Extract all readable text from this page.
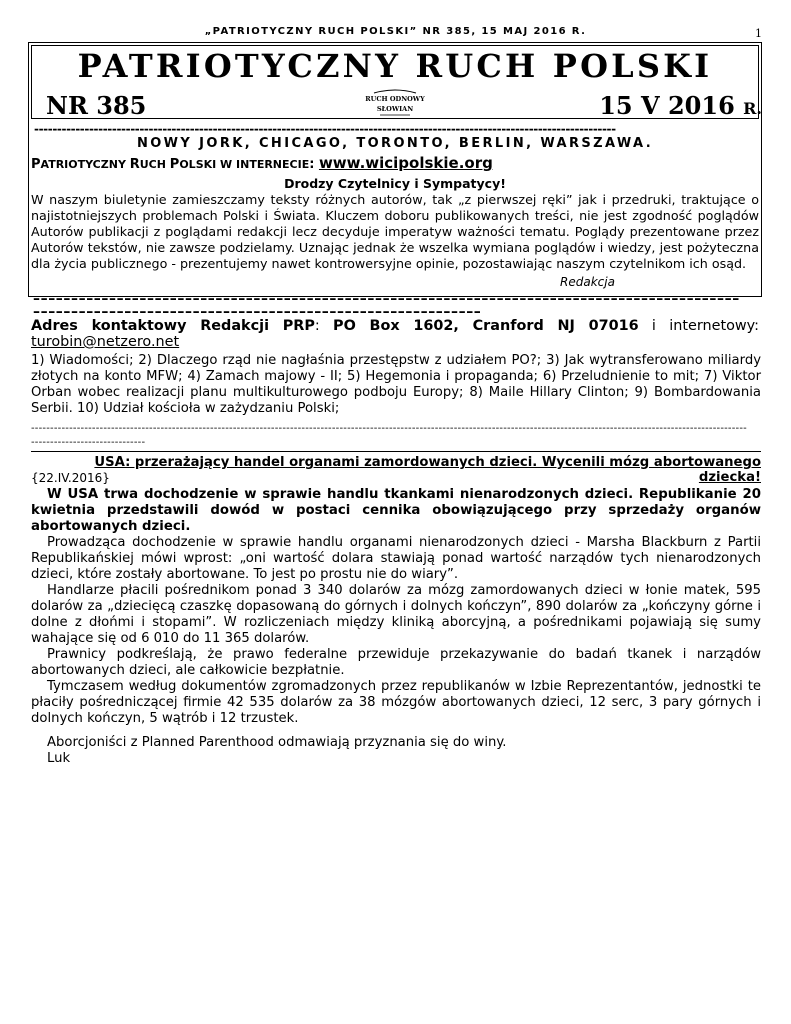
„PATRIOTYCZNY RUCH POLSKI” NR 385, 15 MAJ 2016 R.	1
PATRIOTYCZNY RUCH POLSKI
NR 385	RUCH ODNOWY
SŁOWIAN	15 V 2016 R.
-------------------------------------------------------------------------------------------------------------------------------
NOWY JORK, CHICAGO, TORONTO, BERLIN, WARSZAWA.
PATRIOTYCZNY RUCH POLSKI W INTERNECIE: www.wicipolskie.org
Drodzy Czytelnicy i Sympatycy!
W naszym biuletynie zamieszczamy teksty różnych autorów, tak „z pierwszej ręki” jak i przedruki, traktujące o najistotniejszych problemach Polski i Świata. Kluczem doboru publikowanych treści, nie jest zgodność poglądów Autorów publikacji z poglądami redakcji lecz decyduje imperatyw ważności tematu. Poglądy prezentowane przez Autorów tekstów, nie zawsze podzielamy. Uznając jednak że wszelka wymiana poglądów i wiedzy, jest pożyteczna dla życia publicznego - prezentujemy nawet kontrowersyjne opinie, pozostawiając naszym czytelnikom ich osąd.
Redakcja
–––––––––––––––––––––––––––––––––––––––––––––––––––––––––––––––––––––––––––––––––––––––––––––
–––––––––––––––––––––––––––––––––––––––––––––––––––––––––––
Adres kontaktowy Redakcji PRP: PO Box 1602, Cranford NJ 07016 i internetowy: turobin@netzero.net
1) Wiadomości; 2) Dlaczego rząd nie nagłaśnia przestępstw z udziałem PO?; 3) Jak wytransferowano miliardy złotych na konto MFW; 4) Zamach majowy - II; 5) Hegemonia i propaganda; 6) Przeludnienie to mit; 7) Viktor Orban wobec realizacji planu multikulturowego podboju Europy; 8) Maile Hillary Clinton; 9) Bombardowania Serbii. 10) Udział kościoła w zażydzaniu Polski;
--------------------------------------------------------------------------------------------------------------------------------------------------------------------------------------------
------------------------------
USA: przerażający handel organami zamordowanych dzieci. Wycenili mózg abortowanego dziecka!
{22.IV.2016}
W USA trwa dochodzenie w sprawie handlu tkankami nienarodzonych dzieci. Republikanie 20 kwietnia przedstawili dowód w postaci cennika obowiązującego przy sprzedaży organów abortowanych dzieci.
Prowadząca dochodzenie w sprawie handlu organami nienarodzonych dzieci - Marsha Blackburn z Partii Republikańskiej mówi wprost: „oni wartość dolara stawiają ponad wartość narządów tych nienarodzonych dzieci, które zostały abortowane. To jest po prostu nie do wiary”.
Handlarze płacili pośrednikom ponad 3 340 dolarów za mózg zamordowanych dzieci w łonie matek, 595 dolarów za „dziecięcą czaszkę dopasowaną do górnych i dolnych kończyn”, 890 dolarów za „kończyny górne i dolne z dłońmi i stopami”. W rozliczeniach między kliniką aborcyjną, a pośrednikami pojawiają się sumy wahające się od 6 010 do 11 365 dolarów.
Prawnicy podkreślają, że prawo federalne przewiduje przekazywanie do badań tkanek i narządów abortowanych dzieci, ale całkowicie bezpłatnie.
Tymczasem według dokumentów zgromadzonych przez republikanów w Izbie Reprezentantów, jednostki te płaciły pośredniczącej firmie 42 535 dolarów za 38 mózgów abortowanych dzieci, 12 serc, 3 pary górnych i dolnych kończyn, 5 wątrób i 12 trzustek.
Aborcjoniści z Planned Parenthood odmawiają przyznania się do winy.
Luk
